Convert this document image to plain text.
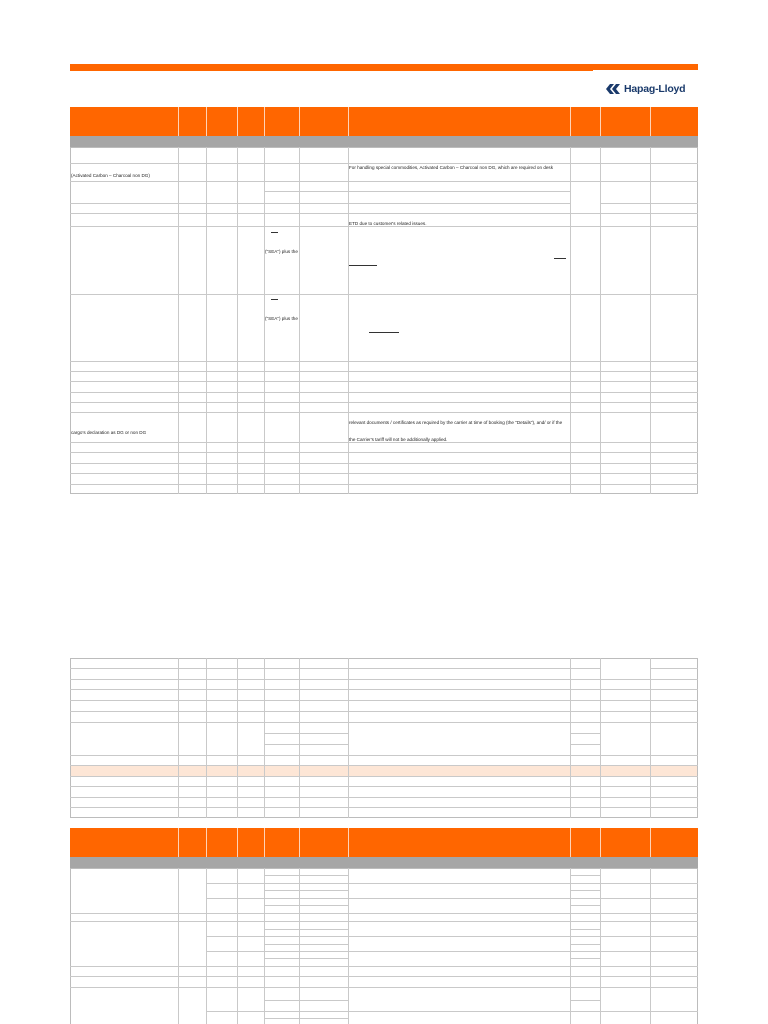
Hapag-Lloyd
(Activated Carbon – Charcoal non DG)
For handling special commodities, Activated Carbon – Charcoal non DG, which are required on desk
ETD due to customer's related issues.
("SEA") plus the
("SEA") plus the
cargo's declaration as DG or non DG
relevant documents / certificates as required by the carrier at time of booking (the "Details"), and/ or if the
the Carrier's tariff will not be additionally applied.
